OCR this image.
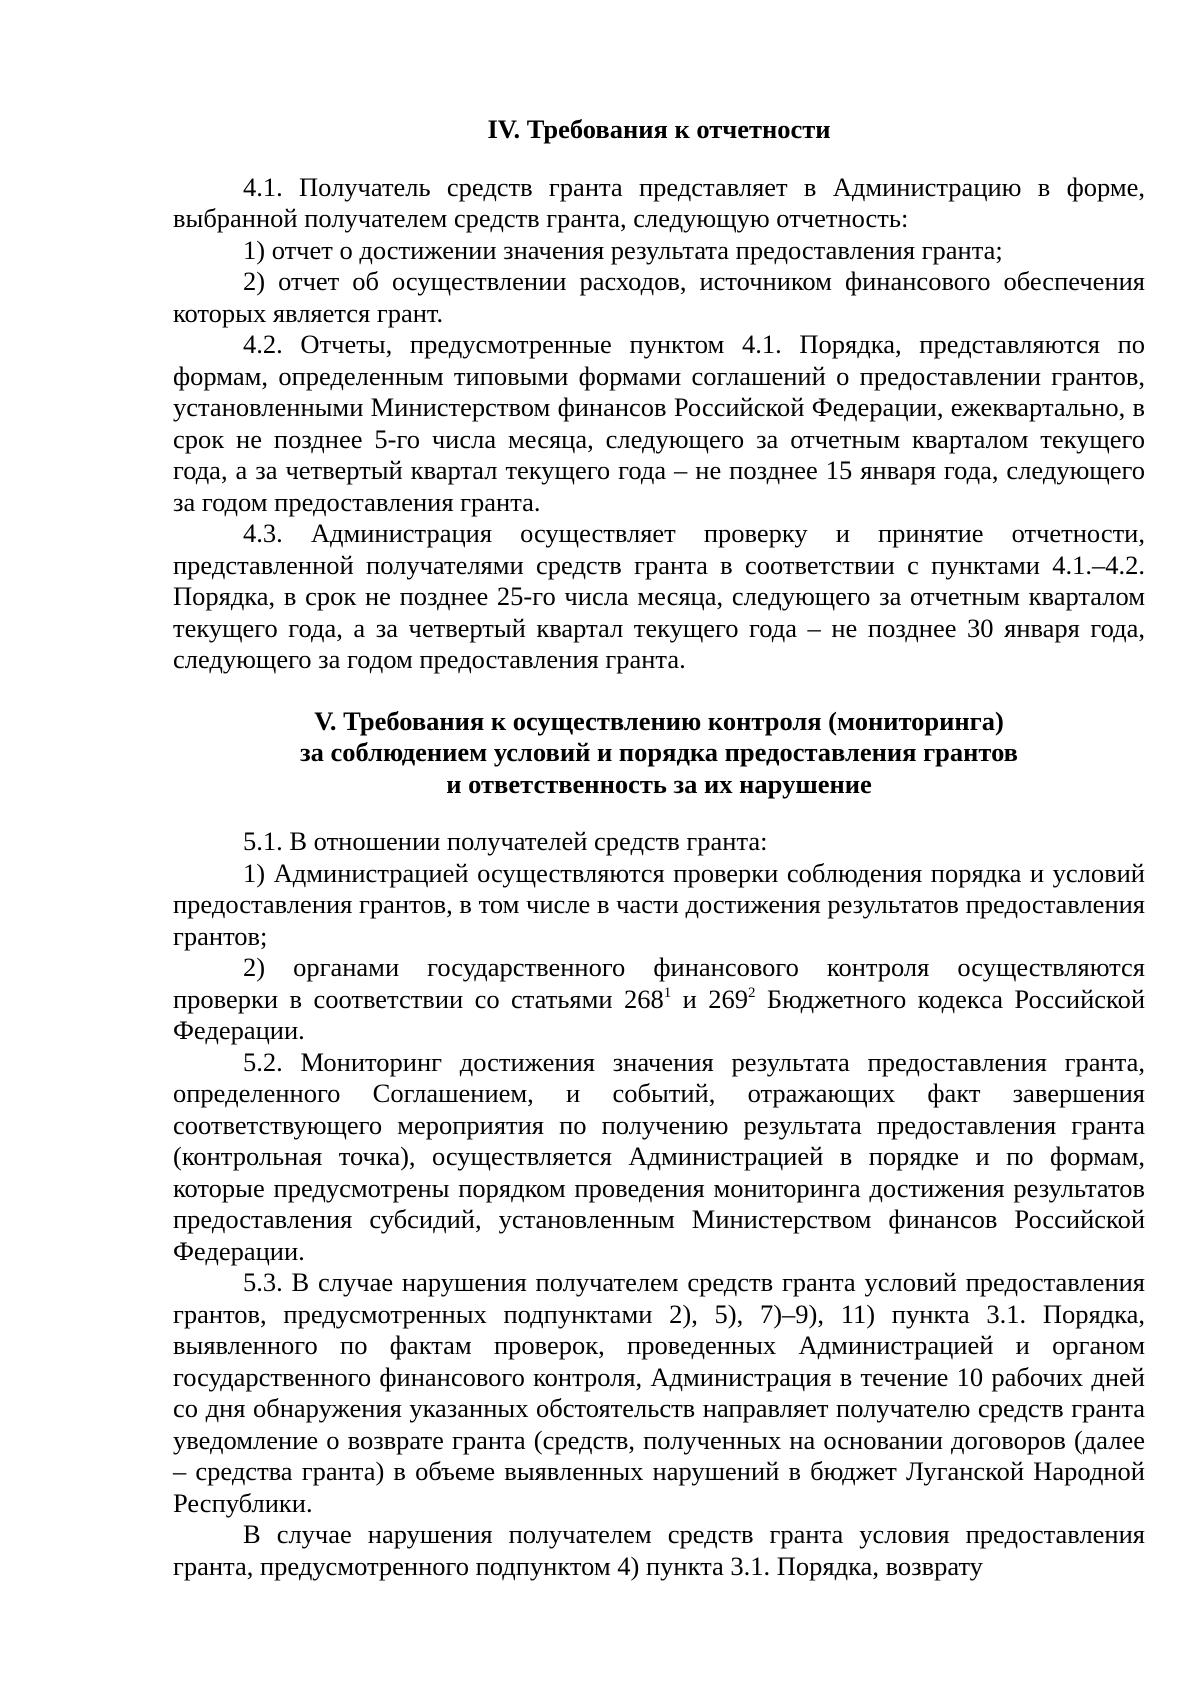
IV. Требования к отчетности

4.1. Получатель средств гранта представляет в Администрацию в форме, выбранной получателем средств гранта, следующую отчетность:

1) отчет о достижении значения результата предоставления гранта;

2) отчет об осуществлении расходов, источником финансового обеспечения которых является грант.

4.2. Отчеты, предусмотренные пунктом 4.1. Порядка, представляются по формам, определенным типовыми формами соглашений о предоставлении грантов, установленными Министерством финансов Российской Федерации, ежеквартально, в срок не позднее 5-го числа месяца, следующего за отчетным кварталом текущего года, а за четвертый квартал текущего года – не позднее 15 января года, следующего за годом предоставления гранта.

4.3. Администрация осуществляет проверку и принятие отчетности, представленной получателями средств гранта в соответствии с пунктами 4.1.–4.2. Порядка, в срок не позднее 25-го числа месяца, следующего за отчетным кварталом текущего года, а за четвертый квартал текущего года – не позднее 30 января года, следующего за годом предоставления гранта.

V. Требования к осуществлению контроля (мониторинга)
за соблюдением условий и порядка предоставления грантов
и ответственность за их нарушение

5.1. В отношении получателей средств гранта:

1) Администрацией осуществляются проверки соблюдения порядка и условий предоставления грантов, в том числе в части достижения результатов предоставления грантов;

2) органами государственного финансового контроля осуществляются проверки в соответствии со статьями $268^1$ и $269^2$ Бюджетного кодекса Российской Федерации.

5.2. Мониторинг достижения значения результата предоставления гранта, определенного Соглашением, и событий, отражающих факт завершения соответствующего мероприятия по получению результата предоставления гранта (контрольная точка), осуществляется Администрацией в порядке и по формам, которые предусмотрены порядком проведения мониторинга достижения результатов предоставления субсидий, установленным Министерством финансов Российской Федерации.

5.3. В случае нарушения получателем средств гранта условий предоставления грантов, предусмотренных подпунктами 2), 5), 7)–9), 11) пункта 3.1. Порядка, выявленного по фактам проверок, проведенных Администрацией и органом государственного финансового контроля, Администрация в течение 10 рабочих дней со дня обнаружения указанных обстоятельств направляет получателю средств гранта уведомление о возврате гранта (средств, полученных на основании договоров (далее – средства гранта) в объеме выявленных нарушений в бюджет Луганской Народной Республики.

В случае нарушения получателем средств гранта условия предоставления гранта, предусмотренного подпунктом 4) пункта 3.1. Порядка, возврату
